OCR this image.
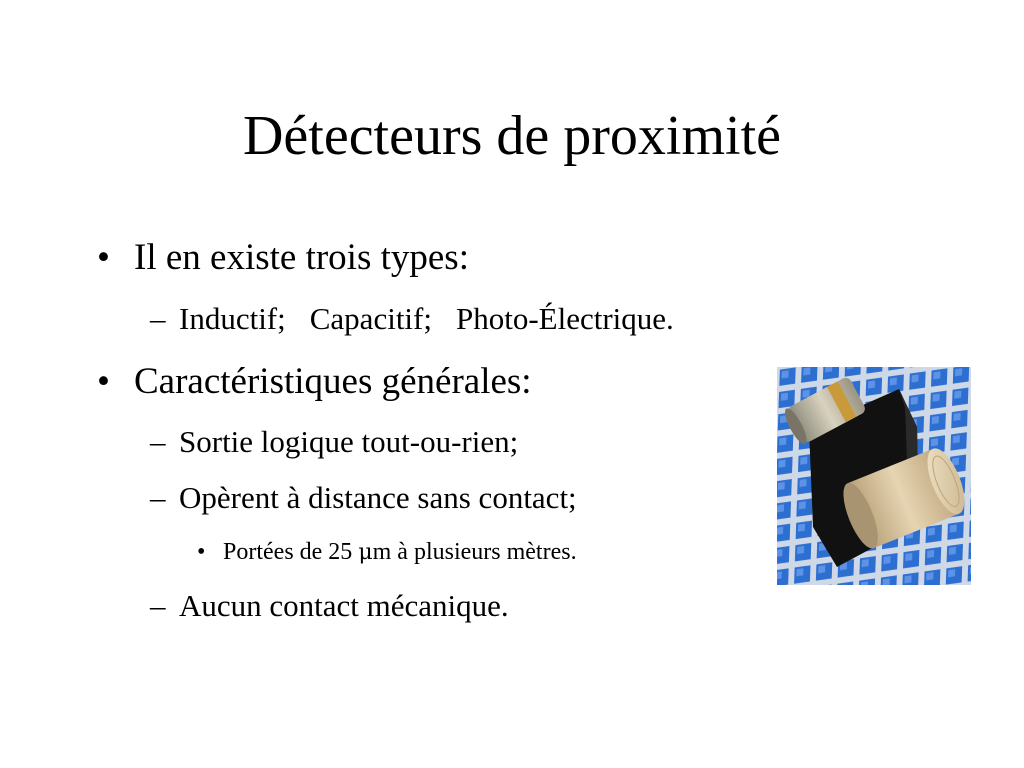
Détecteurs de proximité
• Il en existe trois types:
– Inductif; Capacitif; Photo-Électrique.
• Caractéristiques générales:
– Sortie logique tout-ou-rien;
– Opèrent à distance sans contact;
• Portées de 25 μm à plusieurs mètres.
– Aucun contact mécanique.
